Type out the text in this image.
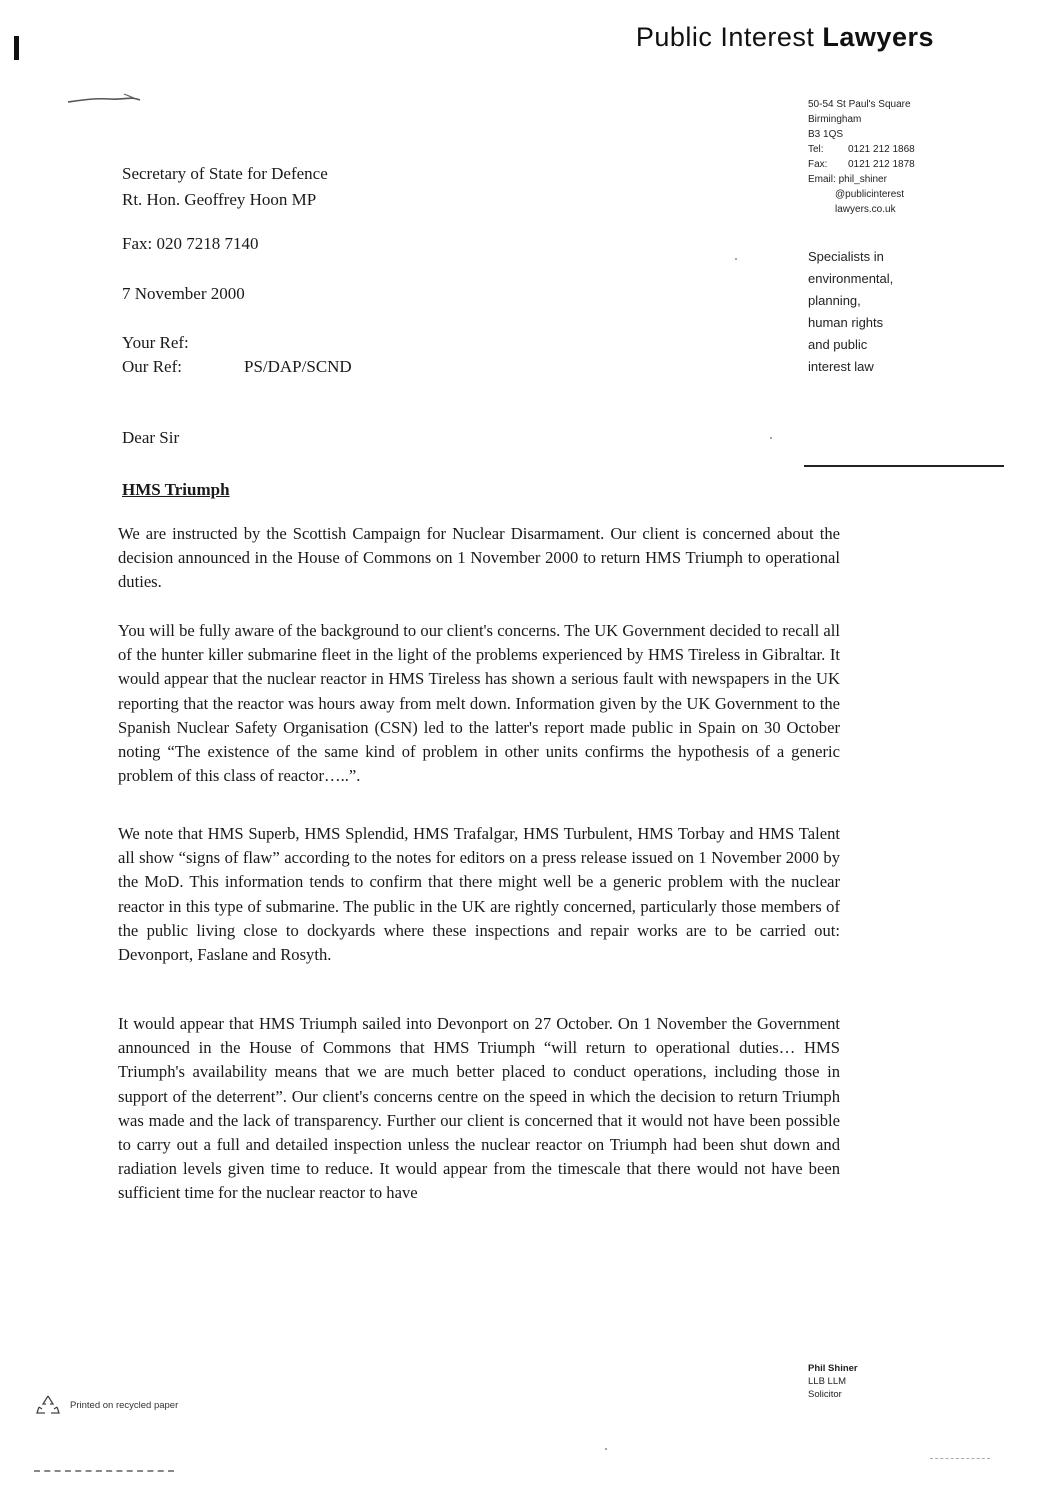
Public Interest Lawyers
50-54 St Paul's Square
Birmingham
B3 1QS
Tel: 0121 212 1868
Fax: 0121 212 1878
Email: phil_shiner
@publicinterest
lawyers.co.uk
Specialists in
environmental,
planning,
human rights
and public
interest law
Secretary of State for Defence
Rt. Hon. Geoffrey Hoon MP
Fax: 020 7218 7140
7 November 2000
Your Ref:
Our Ref:	PS/DAP/SCND
Dear Sir
HMS Triumph

We are instructed by the Scottish Campaign for Nuclear Disarmament. Our client is concerned about the decision announced in the House of Commons on 1 November 2000 to return HMS Triumph to operational duties.

You will be fully aware of the background to our client's concerns. The UK Government decided to recall all of the hunter killer submarine fleet in the light of the problems experienced by HMS Tireless in Gibraltar. It would appear that the nuclear reactor in HMS Tireless has shown a serious fault with newspapers in the UK reporting that the reactor was hours away from melt down. Information given by the UK Government to the Spanish Nuclear Safety Organisation (CSN) led to the latter's report made public in Spain on 30 October noting “The existence of the same kind of problem in other units confirms the hypothesis of a generic problem of this class of reactor…..”.

We note that HMS Superb, HMS Splendid, HMS Trafalgar, HMS Turbulent, HMS Torbay and HMS Talent all show “signs of flaw” according to the notes for editors on a press release issued on 1 November 2000 by the MoD. This information tends to confirm that there might well be a generic problem with the nuclear reactor in this type of submarine. The public in the UK are rightly concerned, particularly those members of the public living close to dockyards where these inspections and repair works are to be carried out: Devonport, Faslane and Rosyth.

It would appear that HMS Triumph sailed into Devonport on 27 October. On 1 November the Government announced in the House of Commons that HMS Triumph “will return to operational duties… HMS Triumph's availability means that we are much better placed to conduct operations, including those in support of the deterrent”. Our client's concerns centre on the speed in which the decision to return Triumph was made and the lack of transparency. Further our client is concerned that it would not have been possible to carry out a full and detailed inspection unless the nuclear reactor on Triumph had been shut down and radiation levels given time to reduce. It would appear from the timescale that there would not have been sufficient time for the nuclear reactor to have

Printed on recycled paper
Phil Shiner
LLB LLM
Solicitor
